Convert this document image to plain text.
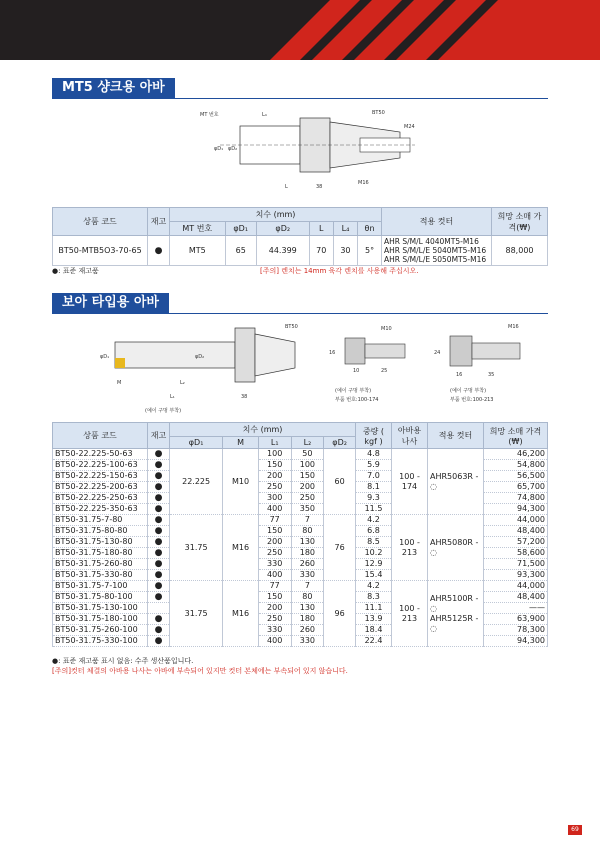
MT5 샹크용 아바
MT 번호	L₄	BT50
M24
φD₁ φD₂
L	38
M16
상품 코드	재고	치수 (mm)						적용 컷터	희망 소매 가격(₩)
		MT 번호	φD₁	φD₂	L	L₄	θn		
BT50-MTB5O3-70-65	●	MT5	65	44.399	70	30	5°	AHR S/M/L 4040MT5-M16
AHR S/M/L/E 5040MT5-M16
AHR S/M/L/E 5050MT5-M16	88,000
●: 표준 재고품	[주의] 렌치는 14mm 육각 렌치를 사용해 주십시오.
보아 타입용 아바
BT50
φD₁	φD₂
M	L₂
L₁	38
(예이 구멍 부착)
M10
16
10	25
(예이 구멍 부착)
부품 번호:100-174
M16
24
16	35
(예이 구멍 부착)
부품 번호:100-213
상품 코드	재고	치수 (mm)					중량 ( kgf )	아바용 나사	적용 컷터	희망 소매 가격(₩)
		φD₁	M	L₁	L₂	φD₂				
BT50-22.225-50-63	●	22.225	M10	100	50	60	4.8	100 - 174	AHR5063R - ◌	46,200
BT50-22.225-100-63	●			150	100		5.9			54,800
BT50-22.225-150-63	●			200	150		7.0			56,500
BT50-22.225-200-63	●			250	200		8.1			65,700
BT50-22.225-250-63	●			300	250		9.3			74,800
BT50-22.225-350-63	●			400	350		11.5			94,300
BT50-31.75-7-80	●	31.75	M16	77	7	76	4.2	100 - 213	AHR5080R - ◌	44,000
BT50-31.75-80-80	●			150	80		6.8			48,400
BT50-31.75-130-80	●			200	130		8.5			57,200
BT50-31.75-180-80	●			250	180		10.2			58,600
BT50-31.75-260-80	●			330	260		12.9			71,500
BT50-31.75-330-80	●			400	330		15.4			93,300
BT50-31.75-7-100	●	31.75	M16	77	7	96	4.2	100 - 213	AHR5100R - ◌
AHR5125R - ◌	44,000
BT50-31.75-80-100	●			150	80		8.3			48,400
BT50-31.75-130-100				200	130		11.1			——
BT50-31.75-180-100	●			250	180		13.9			63,900
BT50-31.75-260-100	●			330	260		18.4			78,300
BT50-31.75-330-100	●			400	330		22.4			94,300
●: 표준 재고품 표시 없음: 수주 생산품입니다.
[주의]컷터 체결의 아바용 나사는 아바에 부속되어 있지만 컷터 본체에는 부속되어 있지 않습니다.
69
